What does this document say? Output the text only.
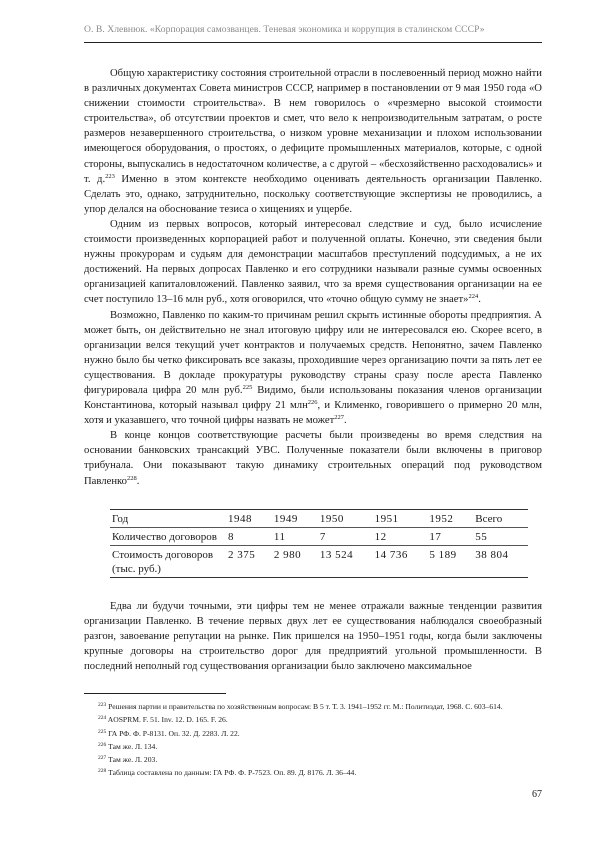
О. В. Хлевнюк. «Корпорация самозванцев. Теневая экономика и коррупция в сталинском СССР»

Общую характеристику состояния строительной отрасли в послевоенный период можно найти в различных документах Совета министров СССР, например в постановлении от 9 мая 1950 года «О снижении стоимости строительства». В нем говорилось о «чрезмерно высокой стоимости строительства», об отсутствии проектов и смет, что вело к непроизводительным затратам, о росте размеров незавершенного строительства, о низком уровне механизации и плохом использовании имеющегося оборудования, о простоях, о дефиците промышленных материалов, которые, с одной стороны, выпускались в недостаточном количестве, а с другой – «бесхозяйственно расходовались» и т. д.$^{223}$ Именно в этом контексте необходимо оценивать деятельность организации Павленко. Сделать это, однако, затруднительно, поскольку соответствующие экспертизы не проводились, а упор делался на обоснование тезиса о хищениях и ущербе.

Одним из первых вопросов, который интересовал следствие и суд, было исчисление стоимости произведенных корпорацией работ и полученной оплаты. Конечно, эти сведения были нужны прокурорам и судьям для демонстрации масштабов преступлений подсудимых, а не их достижений. На первых допросах Павленко и его сотрудники называли разные суммы освоенных организацией капиталовложений. Павленко заявил, что за время существования организации на ее счет поступило 13–16 млн руб., хотя оговорился, что «точно общую сумму не знает»$^{224}$.

Возможно, Павленко по каким-то причинам решил скрыть истинные обороты предприятия. А может быть, он действительно не знал итоговую цифру или не интересовался ею. Скорее всего, в организации велся текущий учет контрактов и получаемых средств. Непонятно, зачем Павленко нужно было бы четко фиксировать все заказы, проходившие через организацию почти за пять лет ее существования. В докладе прокуратуры руководству страны сразу после ареста Павленко фигурировала цифра 20 млн руб.$^{225}$ Видимо, были использованы показания членов организации Константинова, который называл цифру 21 млн$^{226}$, и Клименко, говорившего о примерно 20 млн, хотя и указавшего, что точной цифры назвать не может$^{227}$.

В конце концов соответствующие расчеты были произведены во время следствия на основании банковских трансакций УВС. Полученные показатели были включены в приговор трибунала. Они показывают такую динамику строительных операций под руководством Павленко$^{228}$.

Год	1948	1949	1950	1951	1952	Всего
Количество договоров	8	11	7	12	17	55
Стоимость договоров (тыс. руб.)	2 375	2 980	13 524	14 736	5 189	38 804

Едва ли будучи точными, эти цифры тем не менее отражали важные тенденции развития организации Павленко. В течение первых двух лет ее существования наблюдался своеобразный разгон, завоевание репутации на рынке. Пик пришелся на 1950–1951 годы, когда были заключены крупные договоры на строительство дорог для предприятий угольной промышленности. В последний неполный год существования организации было заключено максимальное

$^{223}$ Решения партии и правительства по хозяйственным вопросам: В 5 т. Т. 3. 1941–1952 гг. М.: Политиздат, 1968. С. 603–614.

$^{224}$ AOSPRM. F. 51. Inv. 12. D. 165. F. 26.

$^{225}$ ГА РФ. Ф. Р-8131. Оп. 32. Д. 2283. Л. 22.

$^{226}$ Там же. Л. 134.

$^{227}$ Там же. Л. 203.

$^{228}$ Таблица составлена по данным: ГА РФ. Ф. Р-7523. Оп. 89. Д. 8176. Л. 36–44.

67
